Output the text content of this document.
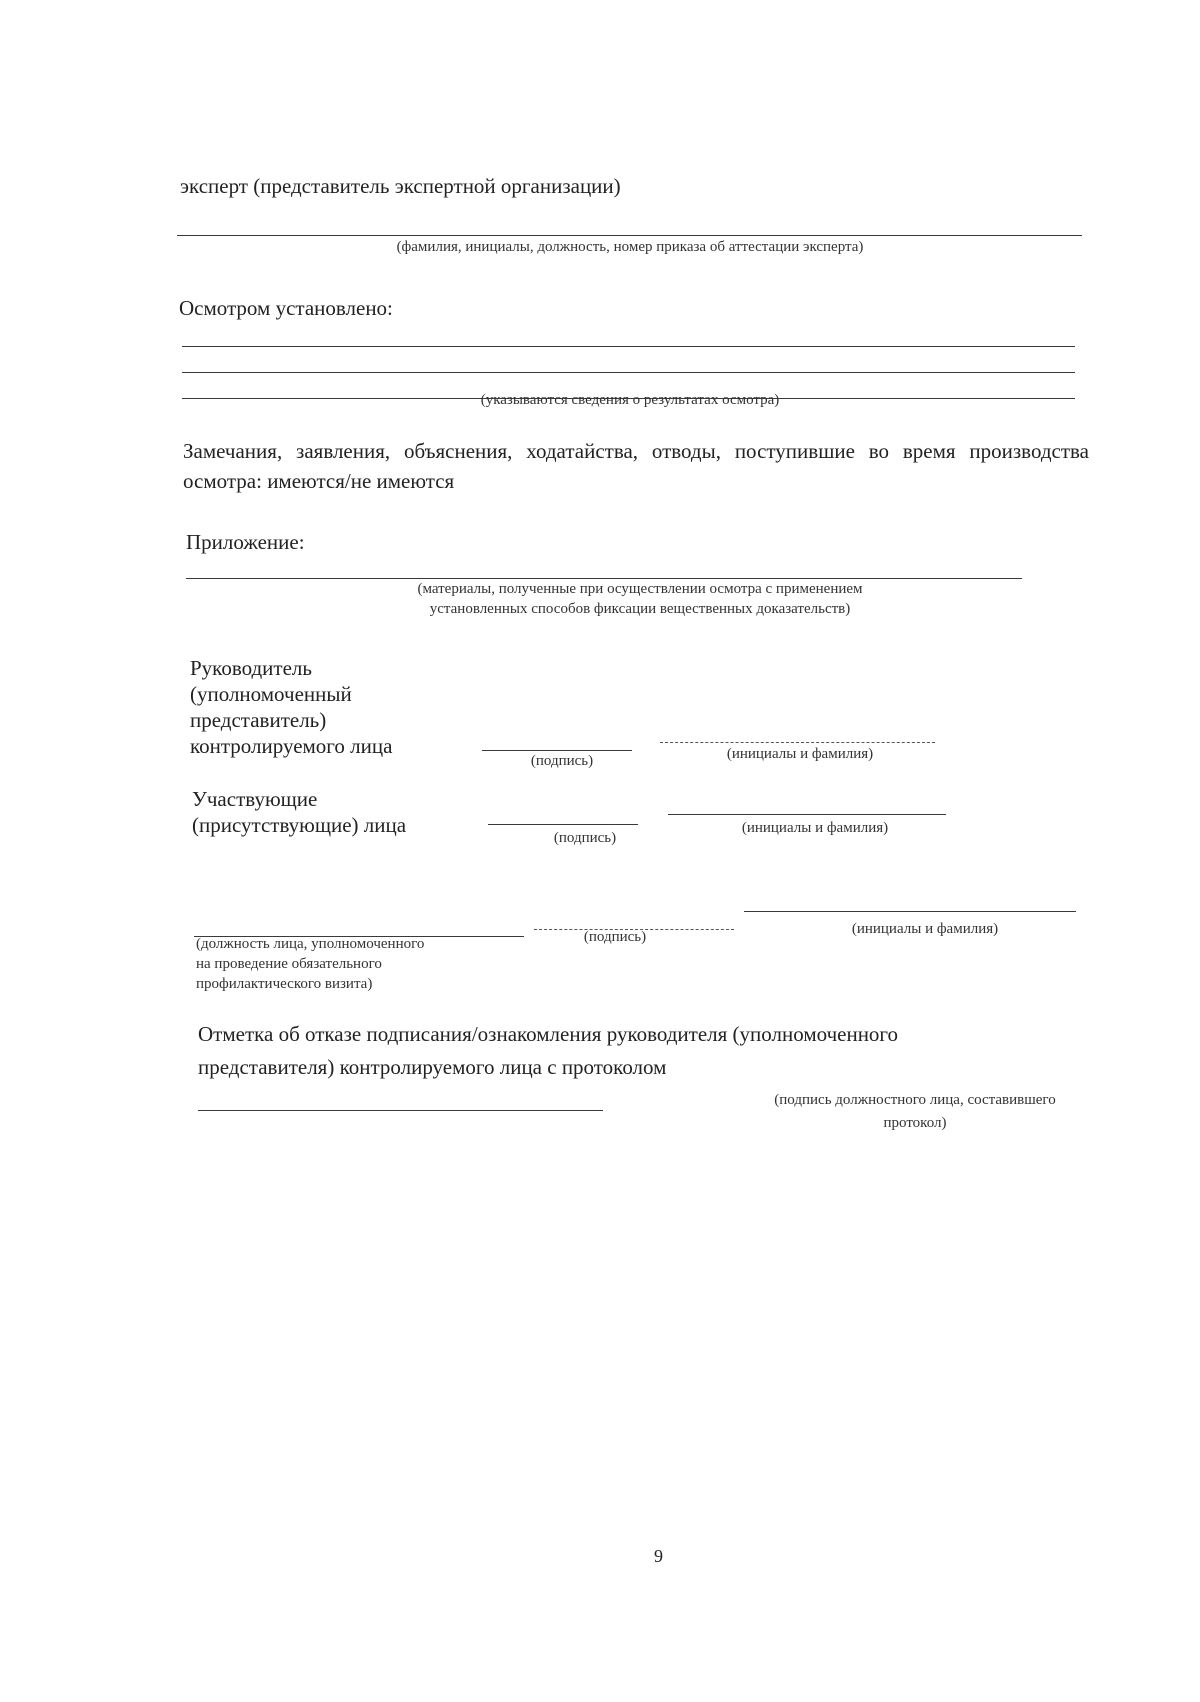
эксперт (представитель экспертной организации)
(фамилия, инициалы, должность, номер приказа об аттестации эксперта)
Осмотром установлено:
(указываются сведения о результатах осмотра)
Замечания, заявления, объяснения, ходатайства, отводы, поступившие во время производства осмотра: имеются/не имеются
Приложение:
(материалы, полученные при осуществлении осмотра с применением
установленных способов фиксации вещественных доказательств)
Руководитель
(уполномоченный
представитель)
контролируемого лица
(подпись)	(инициалы и фамилия)
Участвующие
(присутствующие) лица
(подпись)
(инициалы и фамилия)
(должность лица, уполномоченного
на проведение обязательного
профилактического визита)
(подпись)	(инициалы и фамилия)
Отметка об отказе подписания/ознакомления руководителя (уполномоченного
представителя) контролируемого лица с протоколом
(подпись должностного лица, составившего
протокол)
9
